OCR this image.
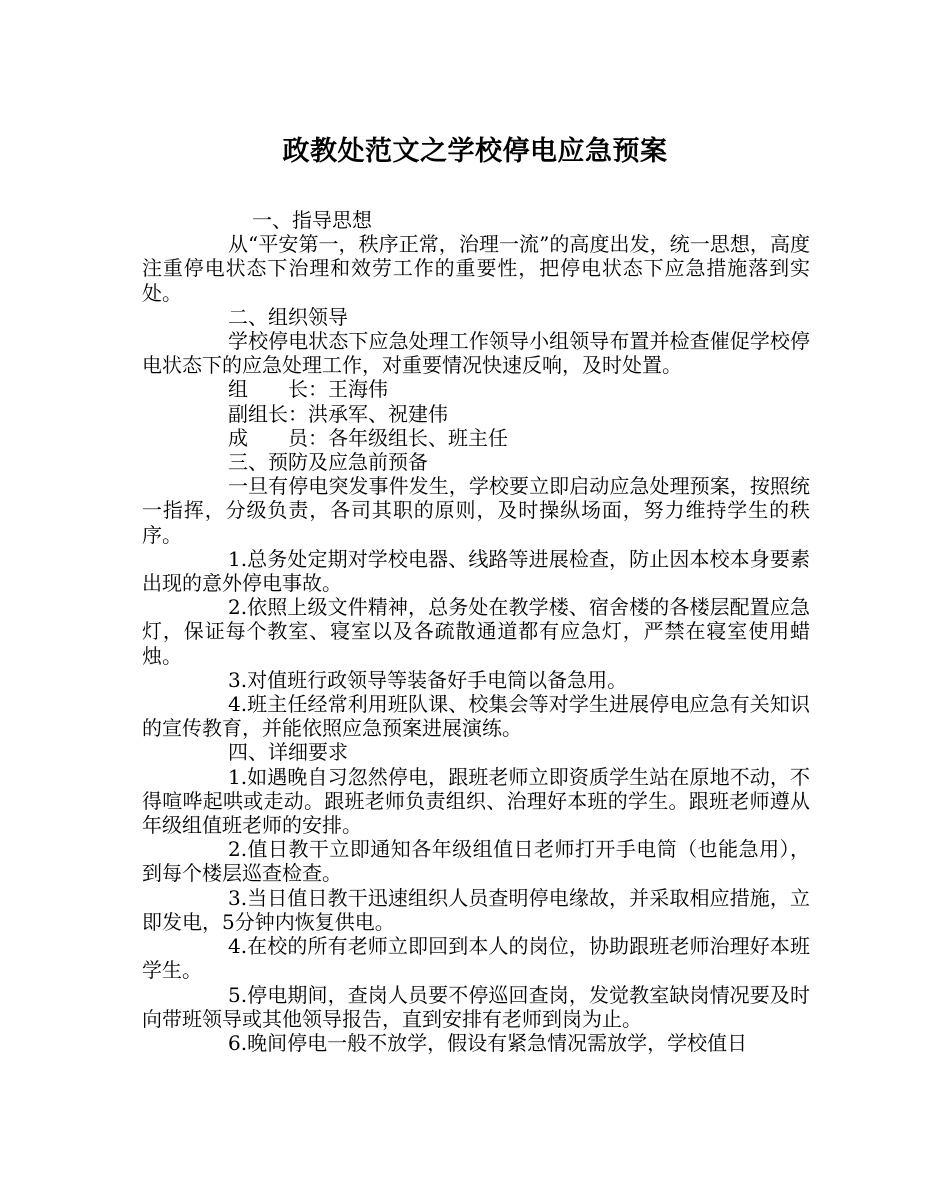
政教处范文之学校停电应急预案

一、指导思想

从“平安第一，秩序正常，治理一流”的高度出发，统一思想，高度注重停电状态下治理和效劳工作的重要性，把停电状态下应急措施落到实处。

二、组织领导

学校停电状态下应急处理工作领导小组领导布置并检查催促学校停电状态下的应急处理工作，对重要情况快速反响，及时处置。

组　　长：王海伟

副组长：洪承军、祝建伟

成　　员：各年级组长、班主任

三、预防及应急前预备

一旦有停电突发事件发生，学校要立即启动应急处理预案，按照统一指挥，分级负责，各司其职的原则，及时操纵场面，努力维持学生的秩序。

1.总务处定期对学校电器、线路等进展检查，防止因本校本身要素出现的意外停电事故。

2.依照上级文件精神，总务处在教学楼、宿舍楼的各楼层配置应急灯，保证每个教室、寝室以及各疏散通道都有应急灯，严禁在寝室使用蜡烛。

3.对值班行政领导等装备好手电筒以备急用。

4.班主任经常利用班队课、校集会等对学生进展停电应急有关知识的宣传教育，并能依照应急预案进展演练。

四、详细要求

1.如遇晚自习忽然停电，跟班老师立即资质学生站在原地不动，不得喧哗起哄或走动。跟班老师负责组织、治理好本班的学生。跟班老师遵从年级组值班老师的安排。

2.值日教干立即通知各年级组值日老师打开手电筒（也能急用），到每个楼层巡查检查。

3.当日值日教干迅速组织人员查明停电缘故，并采取相应措施，立即发电，5分钟内恢复供电。

4.在校的所有老师立即回到本人的岗位，协助跟班老师治理好本班学生。

5.停电期间，查岗人员要不停巡回查岗，发觉教室缺岗情况要及时向带班领导或其他领导报告，直到安排有老师到岗为止。

6.晚间停电一般不放学，假设有紧急情况需放学，学校值日
